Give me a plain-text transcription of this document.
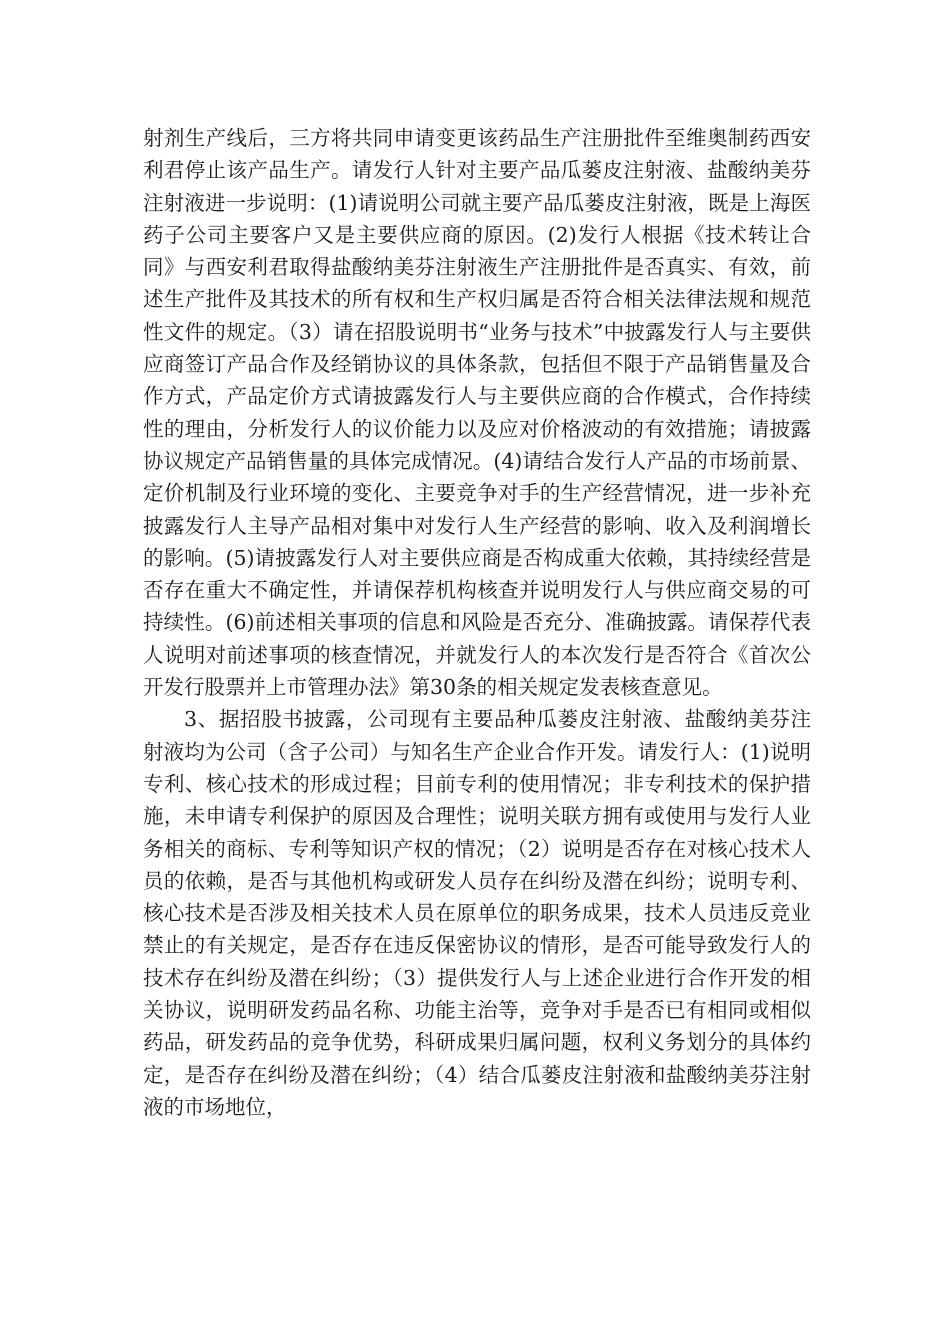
射剂生产线后，三方将共同申请变更该药品生产注册批件至维奥制药西安利君停止该产品生产。请发行人针对主要产品瓜蒌皮注射液、盐酸纳美芬注射液进一步说明：(1)请说明公司就主要产品瓜蒌皮注射液，既是上海医药子公司主要客户又是主要供应商的原因。(2)发行人根据《技术转让合同》与西安利君取得盐酸纳美芬注射液生产注册批件是否真实、有效，前述生产批件及其技术的所有权和生产权归属是否符合相关法律法规和规范性文件的规定。（3）请在招股说明书“业务与技术”中披露发行人与主要供应商签订产品合作及经销协议的具体条款，包括但不限于产品销售量及合作方式，产品定价方式请披露发行人与主要供应商的合作模式，合作持续性的理由，分析发行人的议价能力以及应对价格波动的有效措施；请披露协议规定产品销售量的具体完成情况。(4)请结合发行人产品的市场前景、定价机制及行业环境的变化、主要竞争对手的生产经营情况，进一步补充披露发行人主导产品相对集中对发行人生产经营的影响、收入及利润增长的影响。(5)请披露发行人对主要供应商是否构成重大依赖，其持续经营是否存在重大不确定性，并请保荐机构核查并说明发行人与供应商交易的可持续性。(6)前述相关事项的信息和风险是否充分、准确披露。请保荐代表人说明对前述事项的核查情况，并就发行人的本次发行是否符合《首次公开发行股票并上市管理办法》第30条的相关规定发表核查意见。

3、据招股书披露，公司现有主要品种瓜蒌皮注射液、盐酸纳美芬注射液均为公司（含子公司）与知名生产企业合作开发。请发行人：(1)说明专利、核心技术的形成过程；目前专利的使用情况；非专利技术的保护措施，未申请专利保护的原因及合理性；说明关联方拥有或使用与发行人业务相关的商标、专利等知识产权的情况；（2）说明是否存在对核心技术人员的依赖，是否与其他机构或研发人员存在纠纷及潜在纠纷；说明专利、核心技术是否涉及相关技术人员在原单位的职务成果，技术人员违反竞业禁止的有关规定，是否存在违反保密协议的情形，是否可能导致发行人的技术存在纠纷及潜在纠纷；（3）提供发行人与上述企业进行合作开发的相关协议，说明研发药品名称、功能主治等，竞争对手是否已有相同或相似药品，研发药品的竞争优势，科研成果归属问题，权利义务划分的具体约定，是否存在纠纷及潜在纠纷；（4）结合瓜蒌皮注射液和盐酸纳美芬注射液的市场地位，
